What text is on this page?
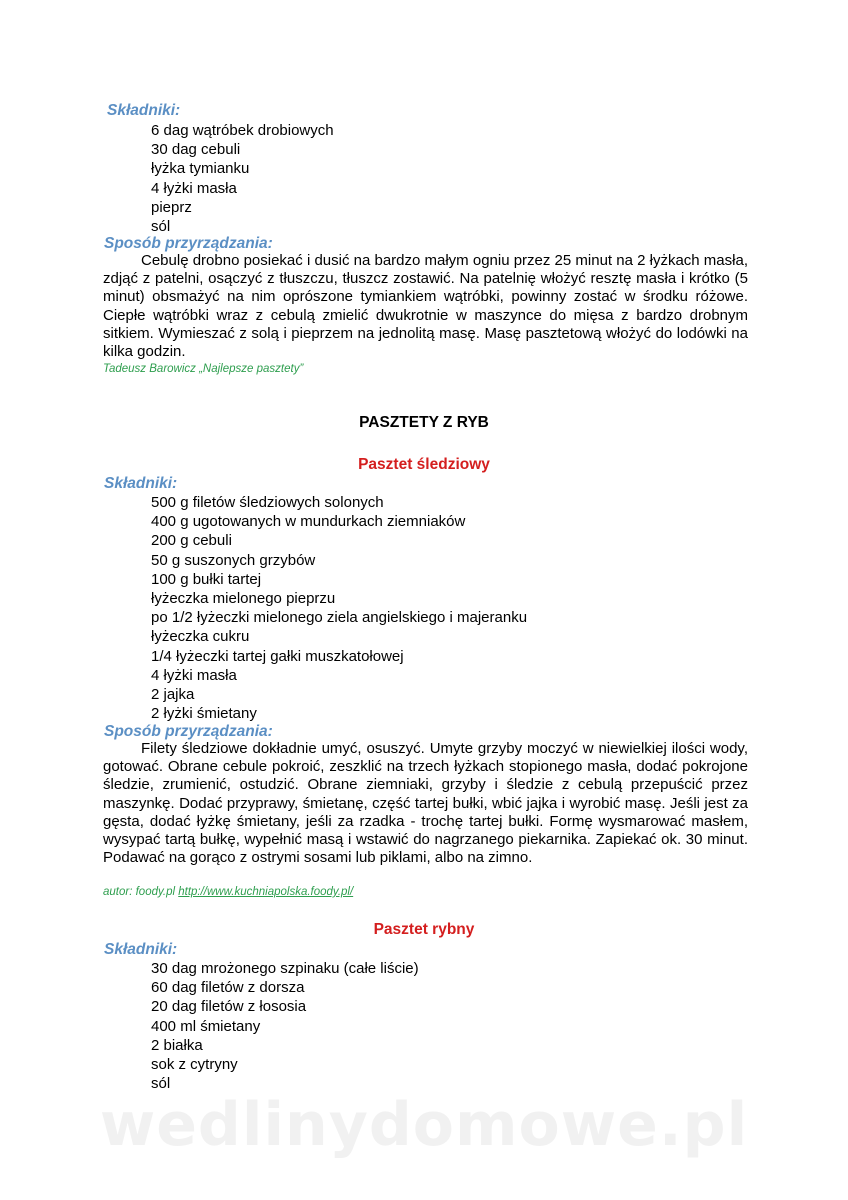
Składniki:

6 dag wątróbek drobiowych
30 dag cebuli
łyżka tymianku
4 łyżki masła
pieprz
sól

Sposób przyrządzania:

Cebulę drobno posiekać i dusić na bardzo małym ogniu przez 25 minut na 2 łyżkach masła, zdjąć z patelni, osączyć z tłuszczu, tłuszcz zostawić. Na patelnię włożyć resztę masła i krótko (5 minut) obsmażyć na nim oprószone tymiankiem wątróbki, powinny zostać w środku różowe. Ciepłe wątróbki wraz z cebulą zmielić dwukrotnie w maszynce do mięsa z bardzo drobnym sitkiem. Wymieszać z solą i pieprzem na jednolitą masę. Masę pasztetową włożyć do lodówki na kilka godzin.

Tadeusz Barowicz „Najlepsze pasztety”

PASZTETY Z RYB

Pasztet śledziowy

Składniki:

500 g filetów śledziowych solonych
400 g ugotowanych w mundurkach ziemniaków
200 g cebuli
50 g suszonych grzybów
100 g bułki tartej
łyżeczka mielonego pieprzu
po 1/2 łyżeczki mielonego ziela angielskiego i majeranku
łyżeczka cukru
1/4 łyżeczki tartej gałki muszkatołowej
4 łyżki masła
2 jajka
2 łyżki śmietany

Sposób przyrządzania:

Filety śledziowe dokładnie umyć, osuszyć. Umyte grzyby moczyć w niewielkiej ilości wody, gotować. Obrane cebule pokroić, zeszklić na trzech łyżkach stopionego masła, dodać pokrojone śledzie, zrumienić, ostudzić. Obrane ziemniaki, grzyby i śledzie z cebulą przepuścić przez maszynkę. Dodać przyprawy, śmietanę, część tartej bułki, wbić jajka i wyrobić masę. Jeśli jest za gęsta, dodać łyżkę śmietany, jeśli za rzadka - trochę tartej bułki. Formę wysmarować masłem, wysypać tartą bułkę, wypełnić masą i wstawić do nagrzanego piekarnika. Zapiekać ok. 30 minut. Podawać na gorąco z ostrymi sosami lub piklami, albo na zimno.

autor: foody.pl http://www.kuchniapolska.foody.pl/

Pasztet rybny

Składniki:

30 dag mrożonego szpinaku (całe liście)
60 dag filetów z dorsza
20 dag filetów z łososia
400 ml śmietany
2 białka
sok z cytryny
sól
wedlinydomowe.pl
